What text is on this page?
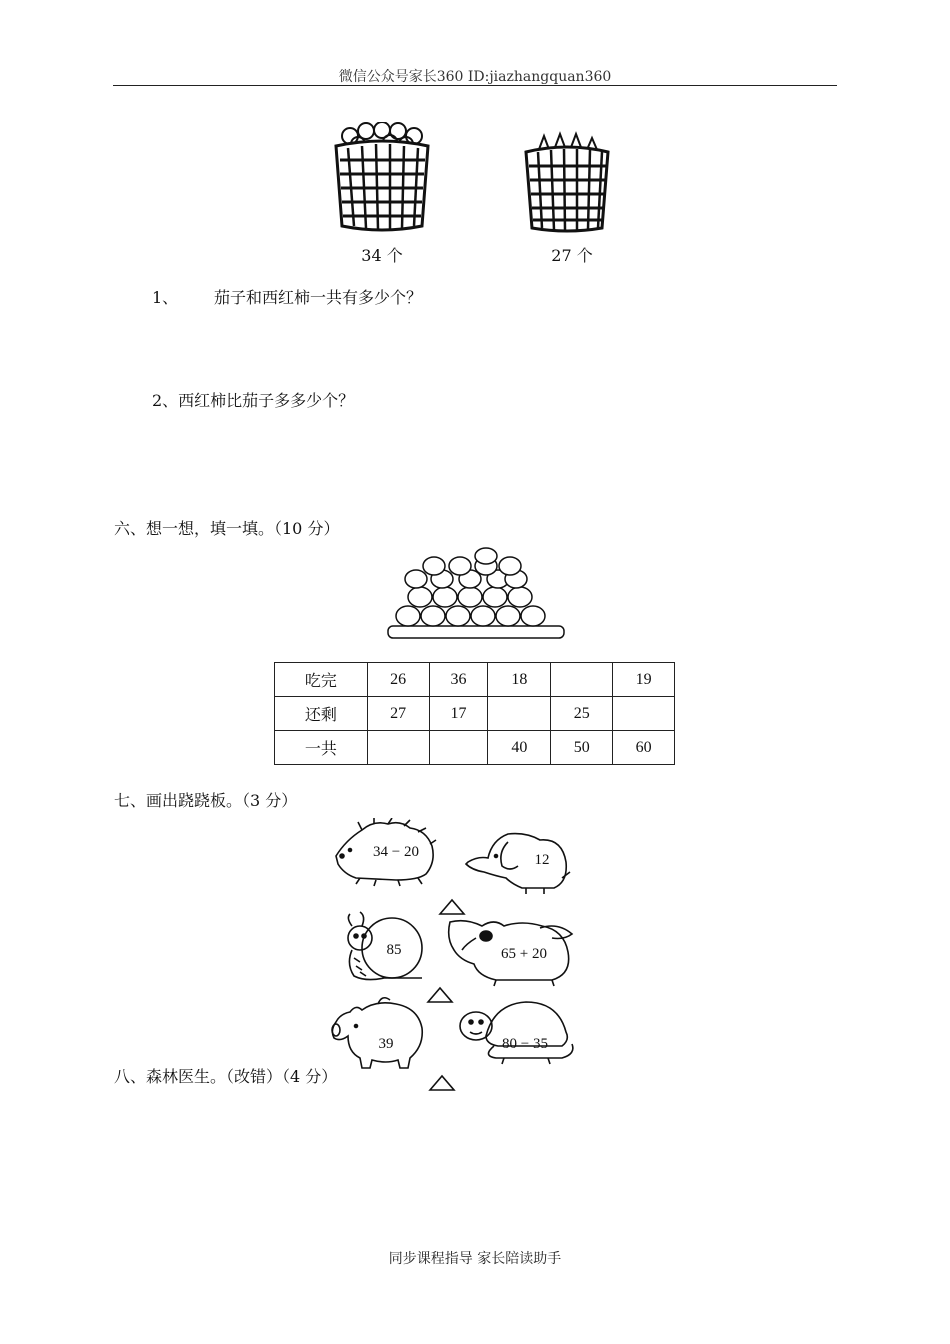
微信公众号家长360 ID:jiazhangquan360
34 个	27 个
1、 茄子和西红柿一共有多少个？
2、西红柿比茄子多多少个？
六、想一想，填一填。（10 分）
吃完	26	36	18		19
还剩	27	17		25	
一共			40	50	60
七、画出跷跷板。（3 分）
34 − 20	12
85	65 + 20
39	80 − 35
八、森林医生。（改错）（4 分）
同步课程指导 家长陪读助手
